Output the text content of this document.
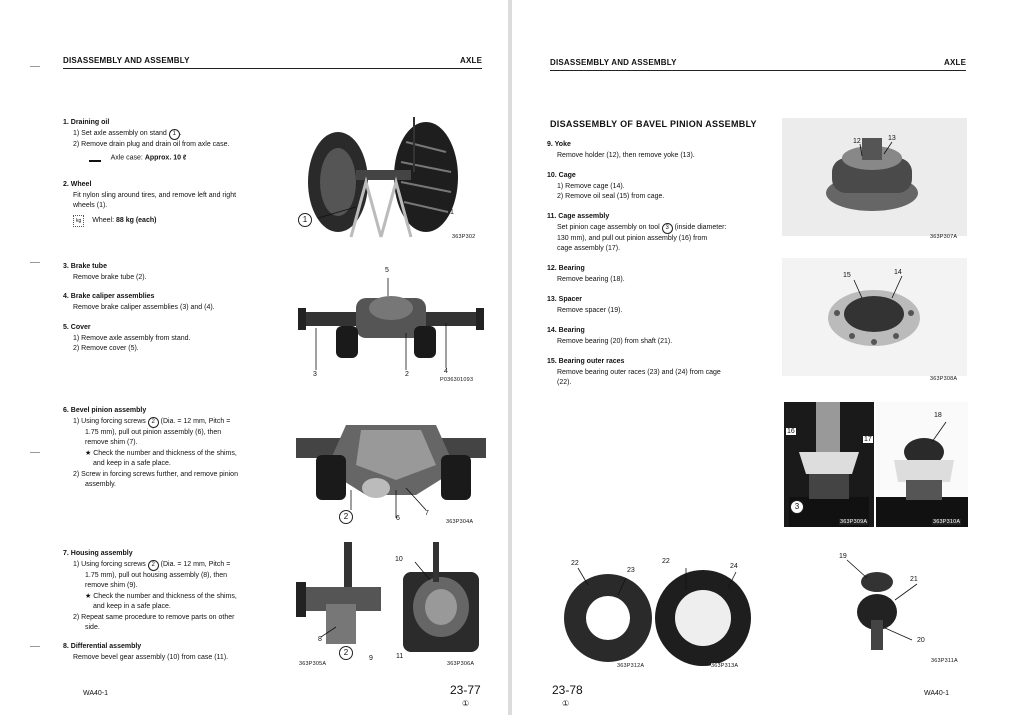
DISASSEMBLY AND ASSEMBLY	AXLE
1. Draining oil
1) Set axle assembly on stand 1 .
2) Remove drain plug and drain oil from axle case.
Axle case: Approx. 10 ℓ
2. Wheel
Fit nylon sling around tires, and remove left and right
wheels (1).
kg Wheel: 88 kg (each)
3. Brake tube
Remove brake tube (2).
4. Brake caliper assemblies
Remove brake caliper assemblies (3) and (4).
5. Cover
1) Remove axle assembly from stand.
2) Remove cover (5).
6. Bevel pinion assembly
1) Using forcing screws 2 (Dia. = 12 mm, Pitch =
1.75 mm), pull out pinion assembly (6), then
remove shim (7).
★ Check the number and thickness of the shims,
and keep in a safe place.
2) Screw in forcing screws further, and remove pinion
assembly.
7. Housing assembly
1) Using forcing screws 2 (Dia. = 12 mm, Pitch =
1.75 mm), pull out housing assembly (8), then
remove shim (9).
★ Check the number and thickness of the shims,
and keep in a safe place.
2) Repeat same procedure to remove parts on other
side.
8. Differential assembly
Remove bevel gear assembly (10) from case (11).
1
1
363P302
5
3	2	4
P036301093
2	6
7
363P304A
10
8
2
9	11
363P305A	363P306A
WA40-1	23-77
①
DISASSEMBLY AND ASSEMBLY	AXLE
DISASSEMBLY OF BAVEL PINION ASSEMBLY
9. Yoke
Remove holder (12), then remove yoke (13).
10. Cage
1) Remove cage (14).
2) Remove oil seal (15) from cage.
11. Cage assembly
Set pinion cage assembly on tool 3 (inside diameter:
130 mm), and pull out pinion assembly (16) from
cage assembly (17).
12. Bearing
Remove bearing (18).
13. Spacer
Remove spacer (19).
14. Bearing
Remove bearing (20) from shaft (21).
15. Bearing outer races
Remove bearing outer races (23) and (24) from cage
(22).
12	13
363P307A
15	14
363P308A
16
17
3
363P309A
18
363P310A
22
23
22
24
363P312A	363P313A
19
21
20
363P311A
23-78
①
WA40-1
